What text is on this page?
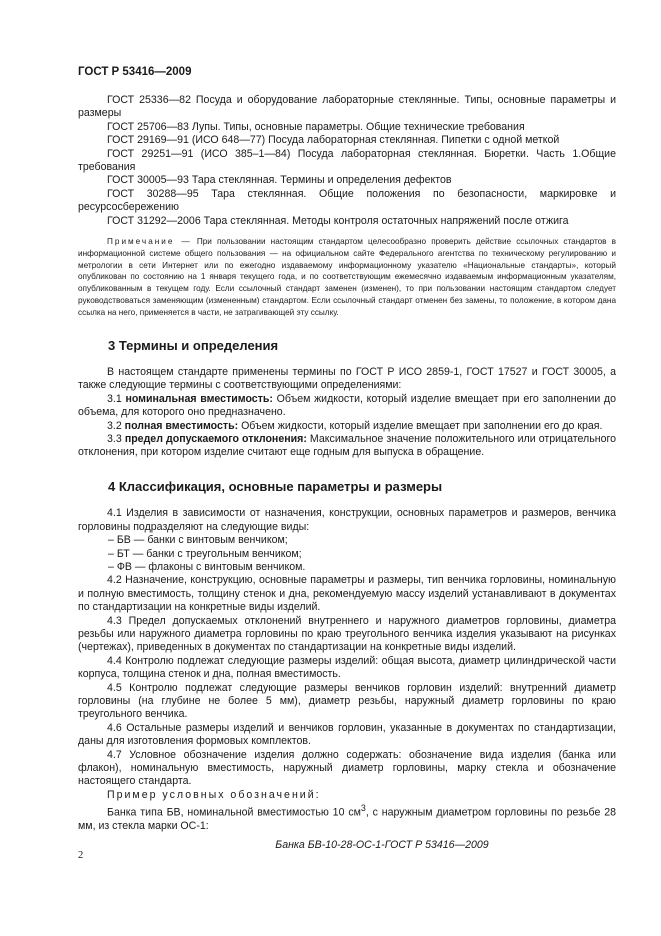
ГОСТ Р 53416—2009

ГОСТ 25336—82 Посуда и оборудование лабораторные стеклянные. Типы, основные параметры и размеры

ГОСТ 25706—83 Лупы. Типы, основные параметры. Общие технические требования

ГОСТ 29169—91 (ИСО 648—77) Посуда лабораторная стеклянная. Пипетки с одной меткой

ГОСТ 29251—91 (ИСО 385–1—84) Посуда лабораторная стеклянная. Бюретки. Часть 1.Общие требования

ГОСТ 30005—93 Тара стеклянная. Термины и определения дефектов

ГОСТ 30288—95 Тара стеклянная. Общие положения по безопасности, маркировке и ресурсосбережению

ГОСТ 31292—2006 Тара стеклянная. Методы контроля остаточных напряжений после отжига

Примечание — При пользовании настоящим стандартом целесообразно проверить действие ссылочных стандартов в информационной системе общего пользования — на официальном сайте Федерального агентства по техническому регулированию и метрологии в сети Интернет или по ежегодно издаваемому информационному указателю «Национальные стандарты», который опубликован по состоянию на 1 января текущего года, и по соответствующим ежемесячно издаваемым информационным указателям, опубликованным в текущем году. Если ссылочный стандарт заменен (изменен), то при пользовании настоящим стандартом следует руководствоваться заменяющим (измененным) стандартом. Если ссылочный стандарт отменен без замены, то положение, в котором дана ссылка на него, применяется в части, не затрагивающей эту ссылку.

3 Термины и определения

В настоящем стандарте применены термины по ГОСТ Р ИСО 2859-1, ГОСТ 17527 и ГОСТ 30005, а также следующие термины с соответствующими определениями:

3.1 номинальная вместимость: Объем жидкости, который изделие вмещает при его заполнении до объема, для которого оно предназначено.

3.2 полная вместимость: Объем жидкости, который изделие вмещает при заполнении его до края.

3.3 предел допускаемого отклонения: Максимальное значение положительного или отрицательного отклонения, при котором изделие считают еще годным для выпуска в обращение.

4 Классификация, основные параметры и размеры

4.1 Изделия в зависимости от назначения, конструкции, основных параметров и размеров, венчика горловины подразделяют на следующие виды:

– БВ — банки с винтовым венчиком;

– БТ — банки с треугольным венчиком;

– ФВ — флаконы с винтовым венчиком.

4.2 Назначение, конструкцию, основные параметры и размеры, тип венчика горловины, номинальную и полную вместимость, толщину стенок и дна, рекомендуемую массу изделий устанавливают в документах по стандартизации на конкретные виды изделий.

4.3 Предел допускаемых отклонений внутреннего и наружного диаметров горловины, диаметра резьбы или наружного диаметра горловины по краю треугольного венчика изделия указывают на рисунках (чертежах), приведенных в документах по стандартизации на конкретные виды изделий.

4.4 Контролю подлежат следующие размеры изделий: общая высота, диаметр цилиндрической части корпуса, толщина стенок и дна, полная вместимость.

4.5 Контролю подлежат следующие размеры венчиков горловин изделий: внутренний диаметр горловины (на глубине не более 5 мм), диаметр резьбы, наружный диаметр горловины по краю треугольного венчика.

4.6 Остальные размеры изделий и венчиков горловин, указанные в документах по стандартизации, даны для изготовления формовых комплектов.

4.7 Условное обозначение изделия должно содержать: обозначение вида изделия (банка или флакон), номинальную вместимость, наружный диаметр горловины, марку стекла и обозначение настоящего стандарта.

Пример условных обозначений:

Банка типа БВ, номинальной вместимостью 10 $см^3$, с наружным диаметром горловины по резьбе 28 мм, из стекла марки ОС-1:

Банка БВ-10-28-ОС-1-ГОСТ Р 53416—2009

2
